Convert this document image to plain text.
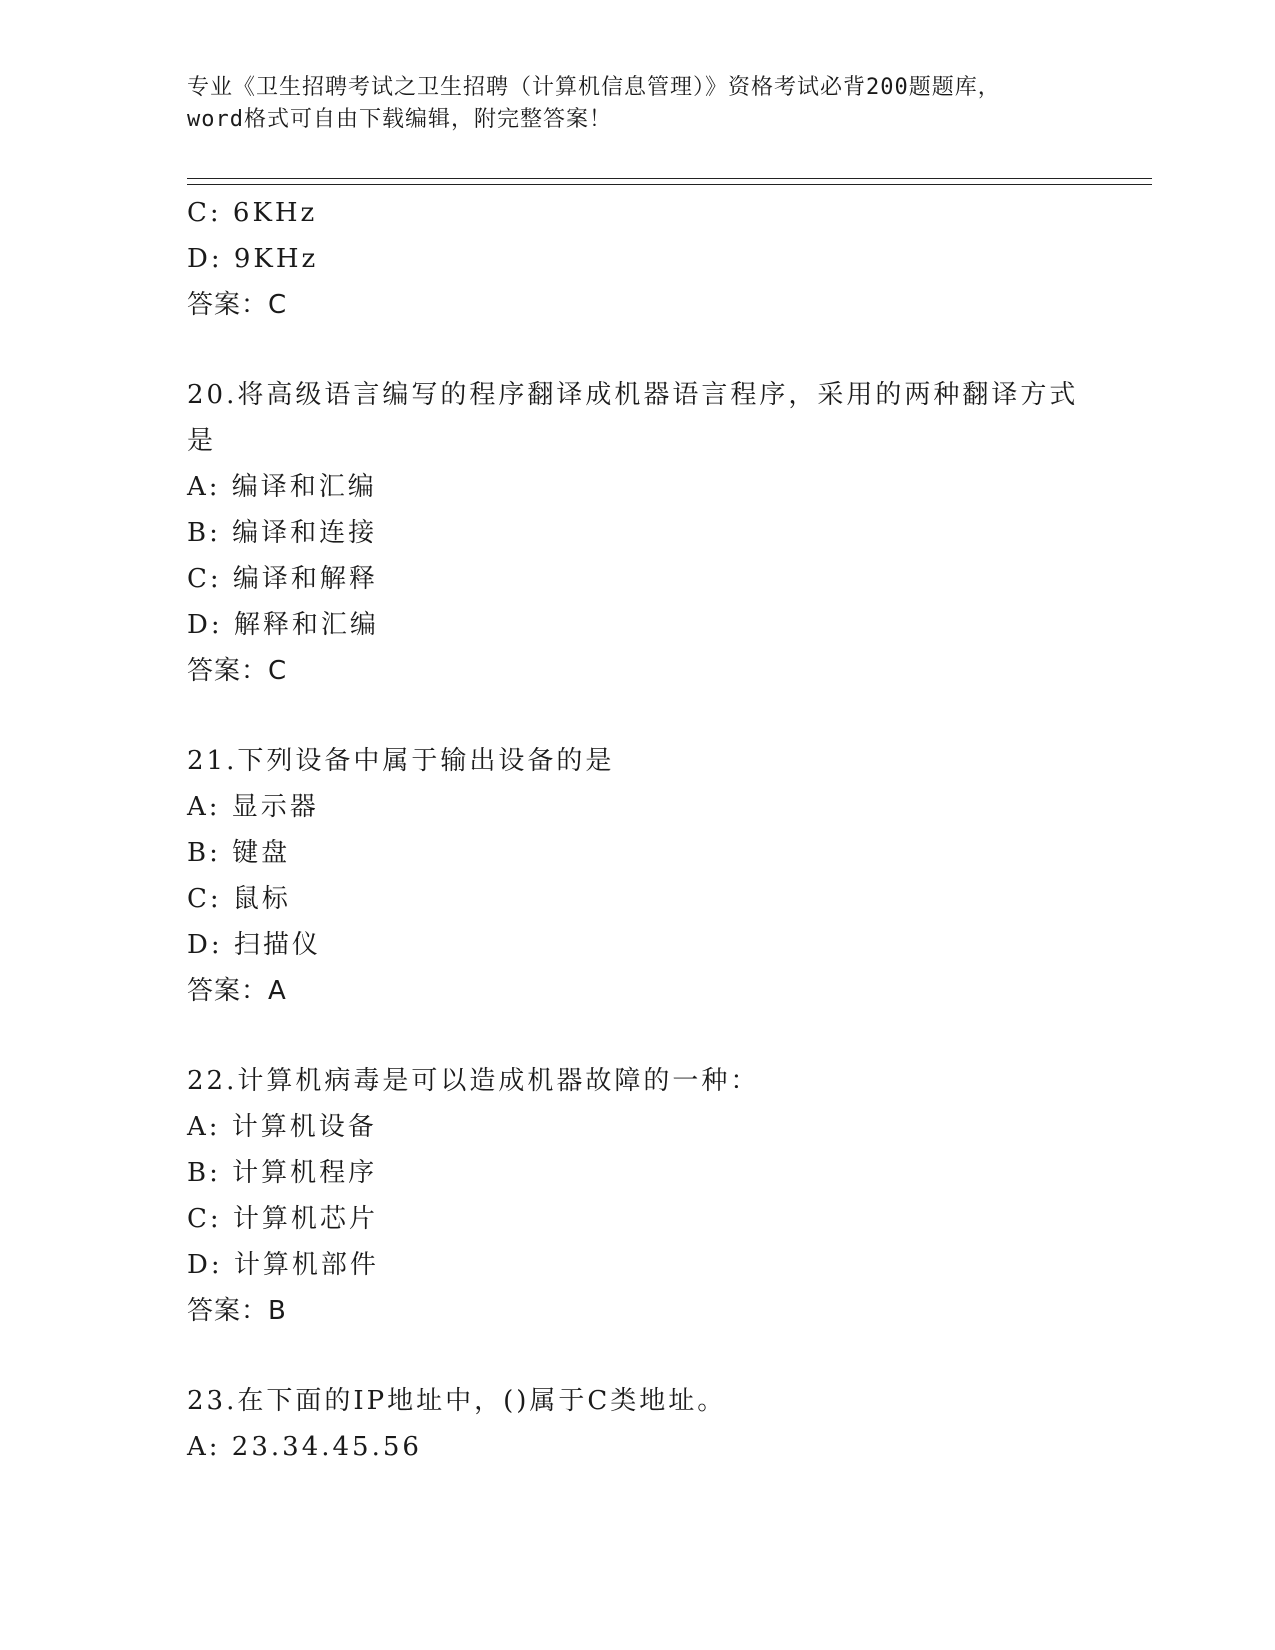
专业《卫生招聘考试之卫生招聘（计算机信息管理）》资格考试必背200题题库，
word格式可自由下载编辑，附完整答案！
C: 6KHz
D: 9KHz
答案：C
20.将高级语言编写的程序翻译成机器语言程序，采用的两种翻译方式
是
A: 编译和汇编
B: 编译和连接
C: 编译和解释
D: 解释和汇编
答案：C
21.下列设备中属于输出设备的是
A: 显示器
B: 键盘
C: 鼠标
D: 扫描仪
答案：A
22.计算机病毒是可以造成机器故障的一种：
A: 计算机设备
B: 计算机程序
C: 计算机芯片
D: 计算机部件
答案：B
23.在下面的IP地址中，()属于C类地址。
A: 23.34.45.56
